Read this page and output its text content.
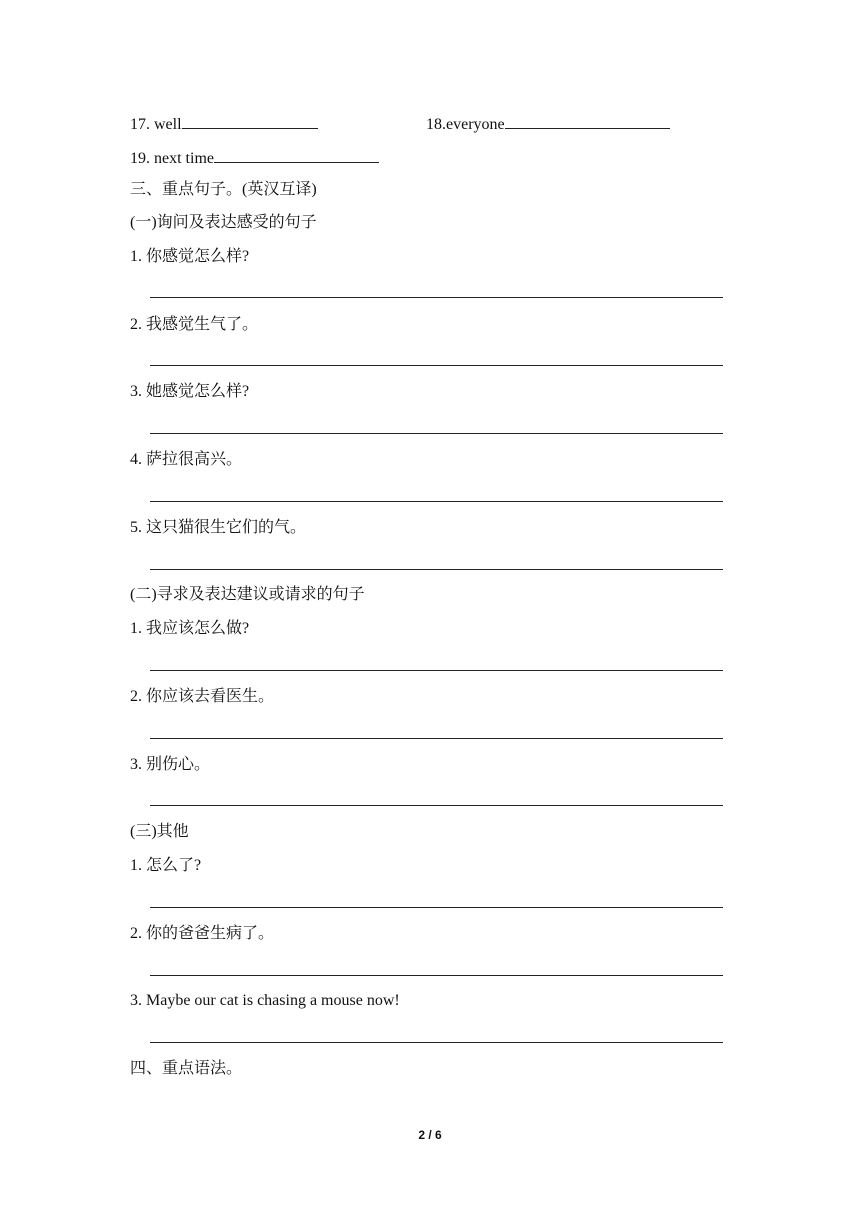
17. well	18.everyone
19. next time
三、重点句子。(英汉互译)
(一)询问及表达感受的句子
1. 你感觉怎么样?
2. 我感觉生气了。
3. 她感觉怎么样?
4. 萨拉很高兴。
5. 这只猫很生它们的气。
(二)寻求及表达建议或请求的句子
1. 我应该怎么做?
2. 你应该去看医生。
3. 别伤心。
(三)其他
1. 怎么了?
2. 你的爸爸生病了。
3. Maybe our cat is chasing a mouse now!
四、重点语法。
2 / 6
